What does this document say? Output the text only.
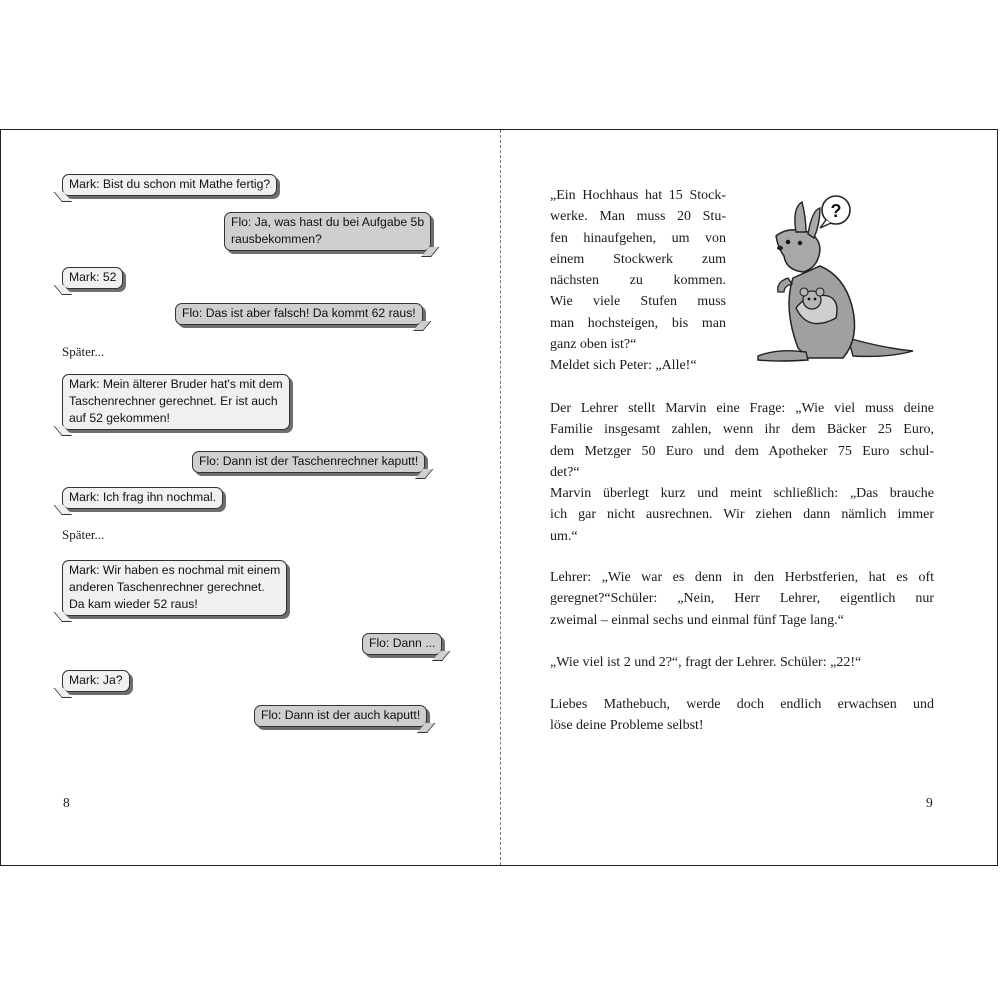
Mark: Bist du schon mit Mathe fertig?
Flo: Ja, was hast du bei Aufgabe 5b
rausbekommen?
Mark: 52
Flo: Das ist aber falsch! Da kommt 62 raus!
Später...
Mark: Mein älterer Bruder hat's mit dem
Taschenrechner gerechnet. Er ist auch
auf 52 gekommen!
Flo: Dann ist der Taschenrechner kaputt!
Mark: Ich frag ihn nochmal.
Später...
Mark: Wir haben es nochmal mit einem
anderen Taschenrechner gerechnet.
Da kam wieder 52 raus!
Flo: Dann ...
Mark: Ja?
Flo: Dann ist der auch kaputt!
8
„Ein Hochhaus hat 15 Stock-
werke. Man muss 20 Stu-
fen hinaufgehen, um von
einem Stockwerk zum
nächsten zu kommen.
Wie viele Stufen muss
man hochsteigen, bis man
ganz oben ist?“
Meldet sich Peter: „Alle!“
?
Der Lehrer stellt Marvin eine Frage: „Wie viel muss deine
Familie insgesamt zahlen, wenn ihr dem Bäcker 25 Euro,
dem Metzger 50 Euro und dem Apotheker 75 Euro schul-
det?“
Marvin überlegt kurz und meint schließlich: „Das brauche
ich gar nicht ausrechnen. Wir ziehen dann nämlich immer
um.“
Lehrer: „Wie war es denn in den Herbstferien, hat es oft
geregnet?“Schüler: „Nein, Herr Lehrer, eigentlich nur
zweimal – einmal sechs und einmal fünf Tage lang.“
„Wie viel ist 2 und 2?“, fragt der Lehrer. Schüler: „22!“
Liebes Mathebuch, werde doch endlich erwachsen und
löse deine Probleme selbst!
9
